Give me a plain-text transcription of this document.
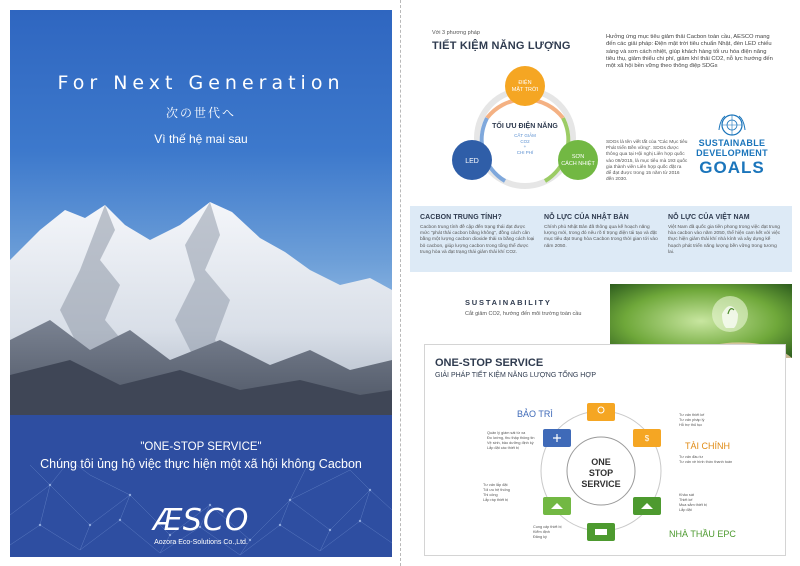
For Next Generation
次の世代へ
Vì thế hệ mai sau
"ONE-STOP SERVICE"
Chúng tôi ủng hộ việc thực hiện một xã hội không Cacbon
ÆSCO
Aozora Eco-Solutions Co.,Ltd.
Với 3 phương pháp
TIẾT KIỆM NĂNG LƯỢNG
ĐIỆN
MẶT TRỜI
LED
SƠN
CÁCH NHIỆT
TỐI ƯU ĐIỆN NĂNG
CẮT GIẢM
CO2
+
CHI PHÍ
Hưởng ứng mục tiêu giảm thải Cacbon toàn cầu, AESCO mang đến các giải pháp: Điện mặt trời tiêu chuẩn Nhật, đèn LED chiếu sáng và sơn cách nhiệt, giúp khách hàng tối ưu hóa điện năng tiêu thụ, giảm thiểu chi phí, giảm khí thải CO2, nỗ lực hướng đến một xã hội bền vững theo thông điệp SDGs
SDGs là tên viết tắt của "Các Mục tiêu Phát triển Bền vững". SDGs được thông qua tại Hội nghị Liên hợp quốc vào 09/2015, là mục tiêu mà 193 quốc gia thành viên Liên hợp quốc đặt ra để đạt được trong 15 năm từ 2016 đến 2030.
SUSTAINABLE
DEVELOPMENT
GOALS
CACBON TRUNG TÍNH?

Cacbon trung tính đề cập đến trạng thái đạt được mức "phát thải cacbon bằng không", đồng cách cân bằng một lượng cacbon dioxide thải ra bằng cách loại bỏ cacbon, giúp lượng cacbon trong tổng thể được trung hòa và đạt trạng thái giảm thải khí CO2.

NỖ LỰC CỦA NHẬT BẢN

Chính phủ Nhật Bản đã thông qua kế hoạch năng lượng mới, trong đó nêu rõ tỉ trọng điện tái tạo và đặt mục tiêu đạt trung hòa Cacbon trong thời gian tới vào năm 2050.

NỖ LỰC CỦA VIỆT NAM

Việt Nam đã quốc gia tiên phong trong việc đạt trung hòa cacbon vào năm 2050, thể hiện cam kết với việc thực hiện giảm thải khí nhà kính và xây dựng kế hoạch phát triển năng lượng bền vững trong tương lai.

SUSTAINABILITY
Cắt giảm CO2, hướng đến môi trường toàn cầu
$
ONE
STOP
SERVICE
ONE-STOP SERVICE
GIẢI PHÁP TIẾT KIỆM NĂNG LƯỢNG TỔNG HỢP
BẢO TRÌ
TÀI CHÍNH
NHÀ THẦU EPC
Quản lý giám sát từ xa
Đo lường, thu thập thông tin
Vệ sinh, bảo dưỡng định kỳ
Lắp đặt các thiết bị
Tư vấn thiết kế
Tư vấn pháp lý
Hỗ trợ thủ tục
Tư vấn đầu tư
Tư vấn về hình thức thanh toán
Tư vấn lắp đặt
Tối ưu hệ thống
Thi công
Lắp ráp thiết bị
Khảo sát
Thiết kế
Mua sắm thiết bị
Lắp đặt
Cung cấp thiết bị
Kiểm định
Đăng ký
